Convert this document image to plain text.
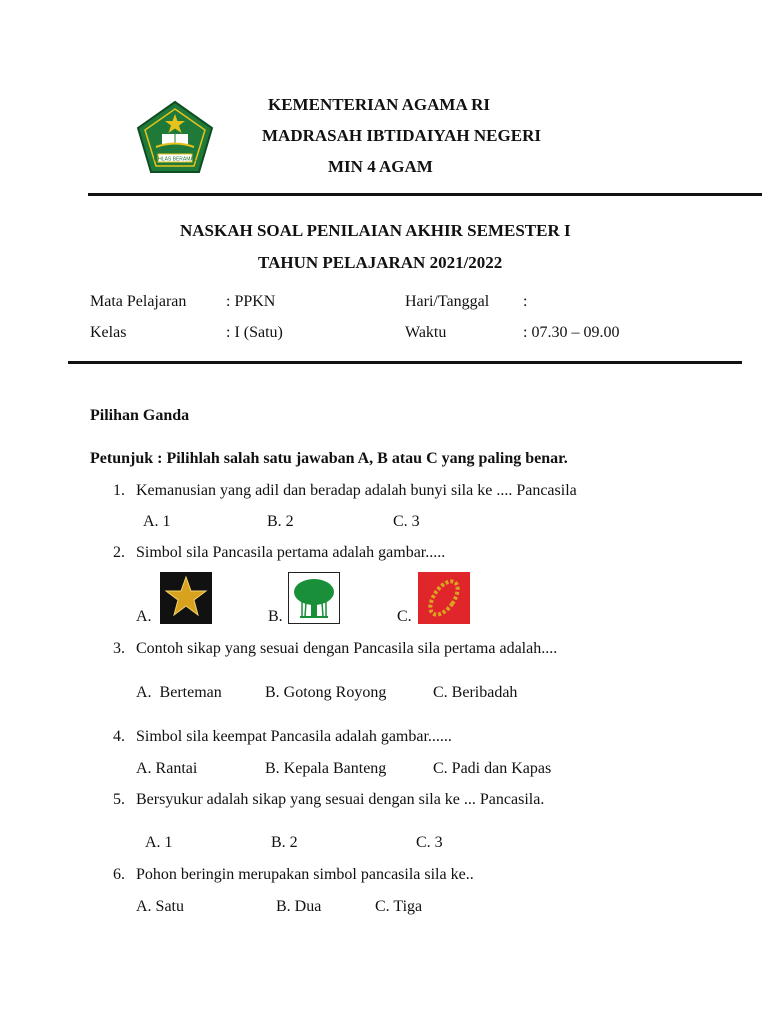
IKHLAS BERAMAL
KEMENTERIAN AGAMA RI
MADRASAH IBTIDAIYAH NEGERI
MIN 4 AGAM
NASKAH SOAL PENILAIAN AKHIR SEMESTER I
TAHUN PELAJARAN 2021/2022
Mata Pelajaran : PPKN	Hari/Tanggal :
Kelas	: I (Satu)	Waktu	: 07.30 – 09.00
Pilihan Ganda
Petunjuk : Pilihlah salah satu jawaban A, B atau C yang paling benar.
1. Kemanusian yang adil dan beradap adalah bunyi sila ke .... Pancasila
A. 1	B. 2	C. 3
2. Simbol sila Pancasila pertama adalah gambar.....
A.	B.	C.
3. Contoh sikap yang sesuai dengan Pancasila sila pertama adalah....
A.  Berteman	B. Gotong Royong	C. Beribadah
4. Simbol sila keempat Pancasila adalah gambar......
A. Rantai	B. Kepala Banteng	C. Padi dan Kapas
5. Bersyukur adalah sikap yang sesuai dengan sila ke ... Pancasila.
A. 1	B. 2	C. 3
6. Pohon beringin merupakan simbol pancasila sila ke..
A. Satu	B. Dua	C. Tiga
